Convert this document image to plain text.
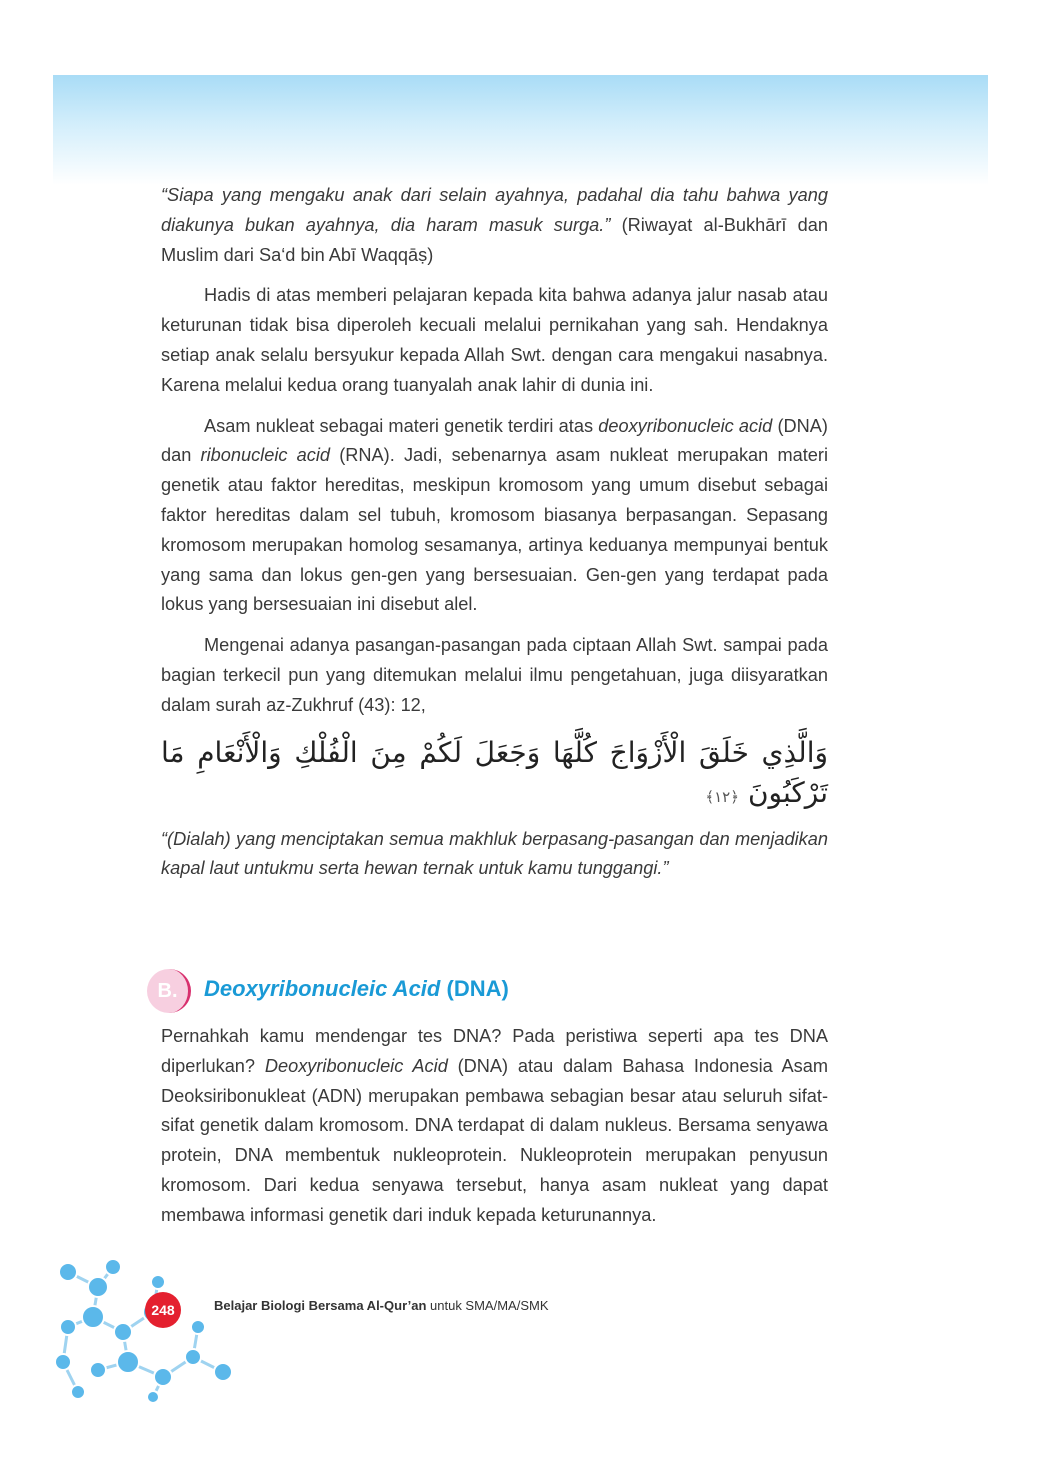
“Siapa yang mengaku anak dari selain ayahnya, padahal dia tahu bahwa yang diakunya bukan ayahnya, dia haram masuk surga.” (Riwayat al-Bukhārī dan Muslim dari Sa‘d bin Abī Waqqāṣ)

Hadis di atas memberi pelajaran kepada kita bahwa adanya jalur nasab atau keturunan tidak bisa diperoleh kecuali melalui pernikahan yang sah. Hendaknya setiap anak selalu bersyukur kepada Allah Swt. dengan cara mengakui nasabnya. Karena melalui kedua orang tuanyalah anak lahir di dunia ini.

Asam nukleat sebagai materi genetik terdiri atas deoxyribonucleic acid (DNA) dan ribonucleic acid (RNA). Jadi, sebenarnya asam nukleat merupakan materi genetik atau faktor hereditas, meskipun kromosom yang umum disebut sebagai faktor hereditas dalam sel tubuh, kromosom biasanya berpasangan. Sepasang kromosom merupakan homolog sesamanya, artinya keduanya mempunyai bentuk yang sama dan lokus gen-gen yang bersesuaian. Gen-gen yang terdapat pada lokus yang bersesuaian ini disebut alel.

Mengenai adanya pasangan-pasangan pada ciptaan Allah Swt. sampai pada bagian terkecil pun yang ditemukan melalui ilmu pengetahuan, juga diisyaratkan dalam surah az-Zukhruf (43): 12,

وَالَّذِي خَلَقَ الْأَزْوَاجَ كُلَّهَا وَجَعَلَ لَكُمْ مِنَ الْفُلْكِ وَالْأَنْعَامِ مَا تَرْكَبُونَ ﴿١٢﴾

“(Dialah) yang menciptakan semua makhluk berpasang-pasangan dan menjadikan kapal laut untukmu serta hewan ternak untuk kamu tunggangi.”

B.	Deoxyribonucleic Acid (DNA)

Pernahkah kamu mendengar tes DNA? Pada peristiwa seperti apa tes DNA diperlukan? Deoxyribonucleic Acid (DNA) atau dalam Bahasa Indonesia Asam Deoksiribonukleat (ADN) merupakan pembawa sebagian besar atau seluruh sifat-sifat genetik dalam kromosom. DNA terdapat di dalam nukleus. Bersama senyawa protein, DNA membentuk nukleoprotein. Nukleoprotein merupakan penyusun kromosom. Dari kedua senyawa tersebut, hanya asam nukleat yang dapat membawa informasi genetik dari induk kepada keturunannya.

248	Belajar Biologi Bersama Al-Qur’an untuk SMA/MA/SMK
